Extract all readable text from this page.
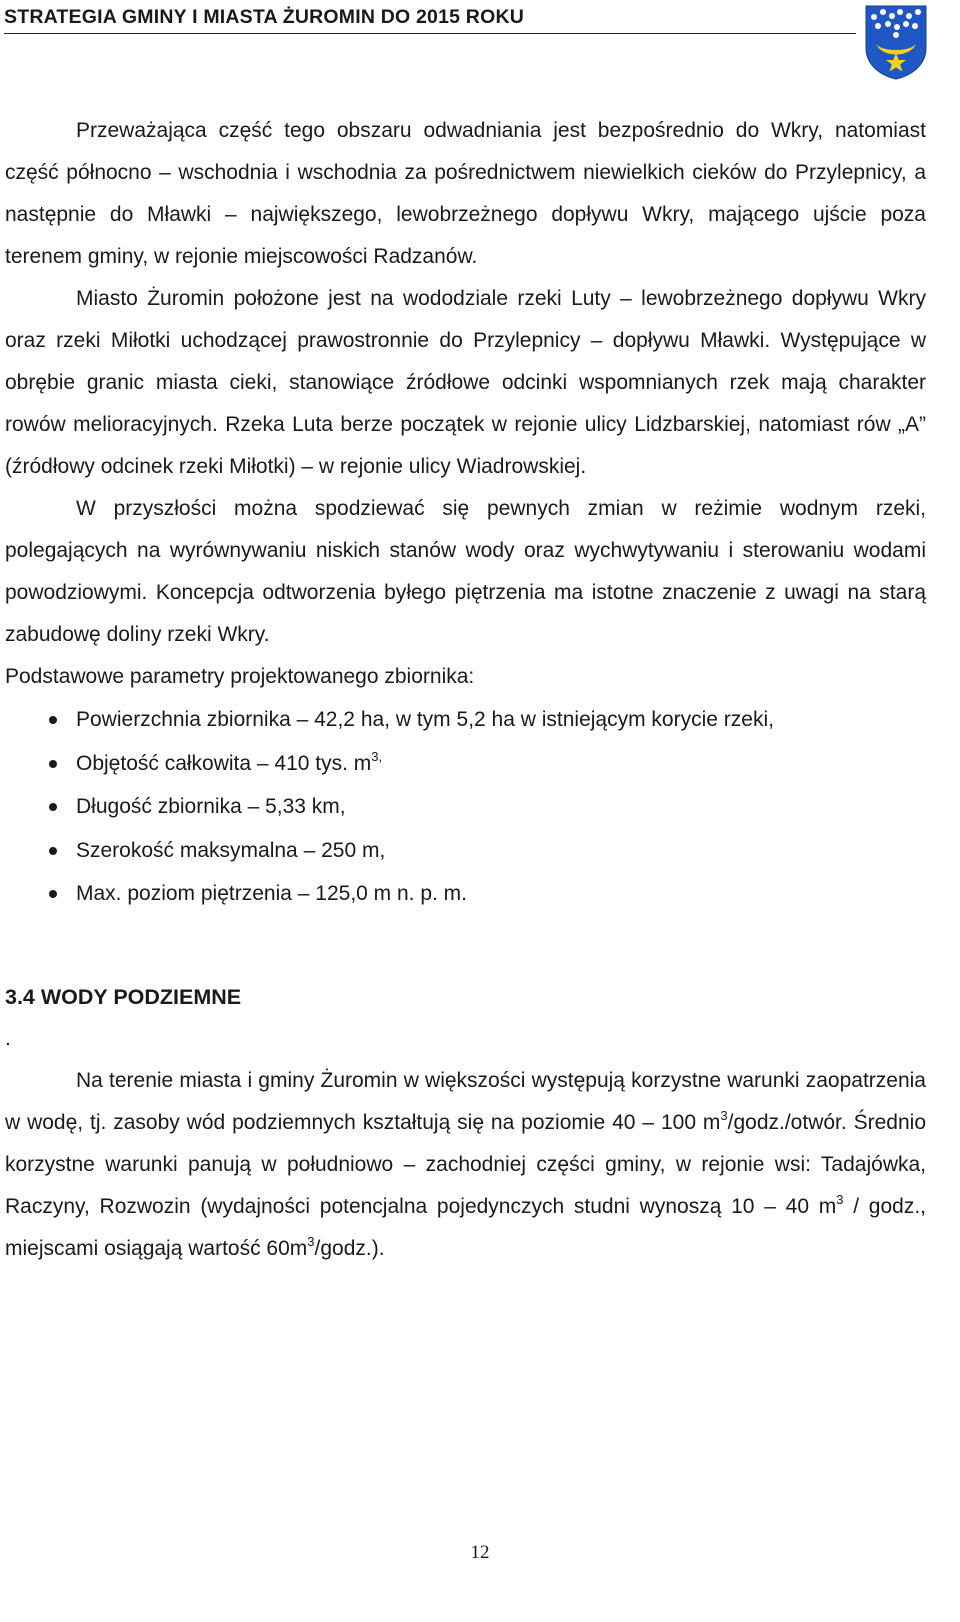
STRATEGIA GMINY I MIASTA ŻUROMIN DO 2015 ROKU

Przeważająca część tego obszaru odwadniania jest bezpośrednio do Wkry, natomiast część północno – wschodnia i wschodnia za pośrednictwem niewielkich cieków do Przylepnicy, a następnie do Mławki – największego, lewobrzeżnego dopływu Wkry, mającego ujście poza terenem gminy, w rejonie miejscowości Radzanów.

Miasto Żuromin położone jest na wododziale rzeki Luty – lewobrzeżnego dopływu Wkry oraz rzeki Miłotki uchodzącej prawostronnie do Przylepnicy – dopływu Mławki. Występujące w obrębie granic miasta cieki, stanowiące źródłowe odcinki wspomnianych rzek mają charakter rowów melioracyjnych. Rzeka Luta berze początek w rejonie ulicy Lidzbarskiej, natomiast rów „A” (źródłowy odcinek rzeki Miłotki) – w rejonie ulicy Wiadrowskiej.

W przyszłości można spodziewać się pewnych zmian w reżimie wodnym rzeki, polegających na wyrównywaniu niskich stanów wody oraz wychwytywaniu i sterowaniu wodami powodziowymi. Koncepcja odtworzenia byłego piętrzenia ma istotne znaczenie z uwagi na starą zabudowę doliny rzeki Wkry.

Podstawowe parametry projektowanego zbiornika:

Powierzchnia zbiornika – 42,2 ha, w tym 5,2 ha w istniejącym korycie rzeki,
Objętość całkowita – 410 tys. $m^{3,}$
Długość zbiornika – 5,33 km,
Szerokość maksymalna – 250 m,
Max. poziom piętrzenia – 125,0 m n. p. m.
3.4 WODY PODZIEMNE
.

Na terenie miasta i gminy Żuromin w większości występują korzystne warunki zaopatrzenia w wodę, tj. zasoby wód podziemnych kształtują się na poziomie 40 – 100 $m^3/godz$./otwór. Średnio korzystne warunki panują w południowo – zachodniej części gminy, w rejonie wsi: Tadajówka, Raczyny, Rozwozin (wydajności potencjalna pojedynczych studni wynoszą 10 – 40 $m^3$ / godz., miejscami osiągają wartość $60m^3/godz$.).

12
